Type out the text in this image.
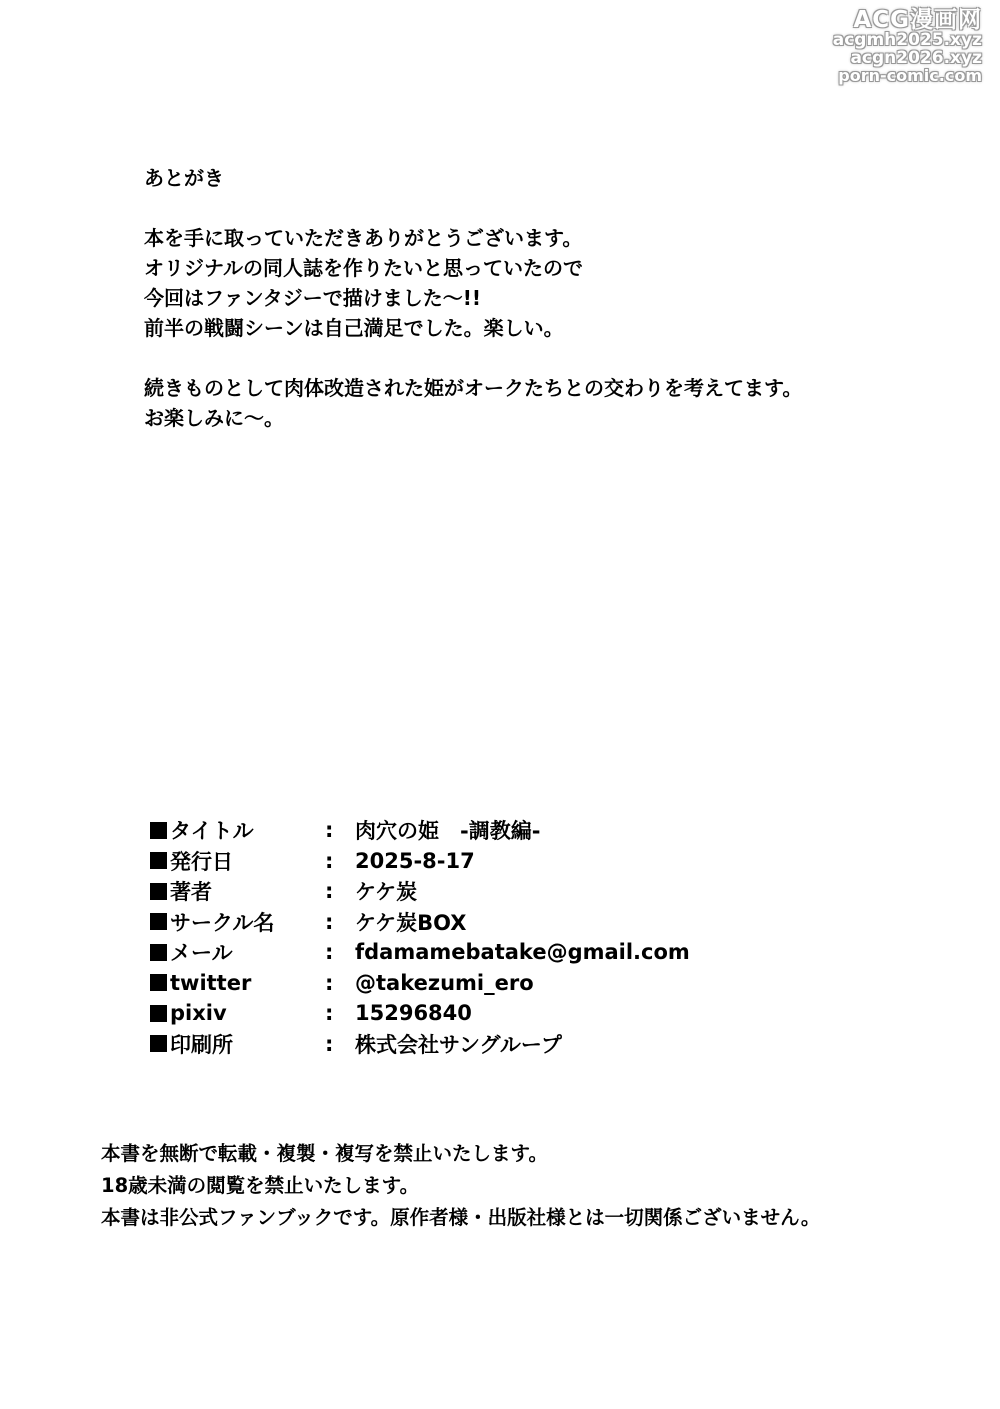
ACG漫画网
acgmh2025.xyz
acgn2026.xyz
porn-comic.com
あとがき
本を手に取っていただきありがとうございます。
オリジナルの同人誌を作りたいと思っていたので
今回はファンタジーで描けました〜!!
前半の戦闘シーンは自己満足でした。楽しい。
続きものとして肉体改造された姫がオークたちとの交わりを考えてます。
お楽しみに〜。
タイトル	:	肉穴の姫　-調教編-
発行日	:	2025-8-17
著者	:	ケケ炭
サークル名	:	ケケ炭BOX
メール	:	fdamamebatake@gmail.com
twitter	:	@takezumi_ero
pixiv	:	15296840
印刷所	:	株式会社サングループ
本書を無断で転載・複製・複写を禁止いたします。
18歳未満の閲覧を禁止いたします。
本書は非公式ファンブックです。原作者様・出版社様とは一切関係ございません。
